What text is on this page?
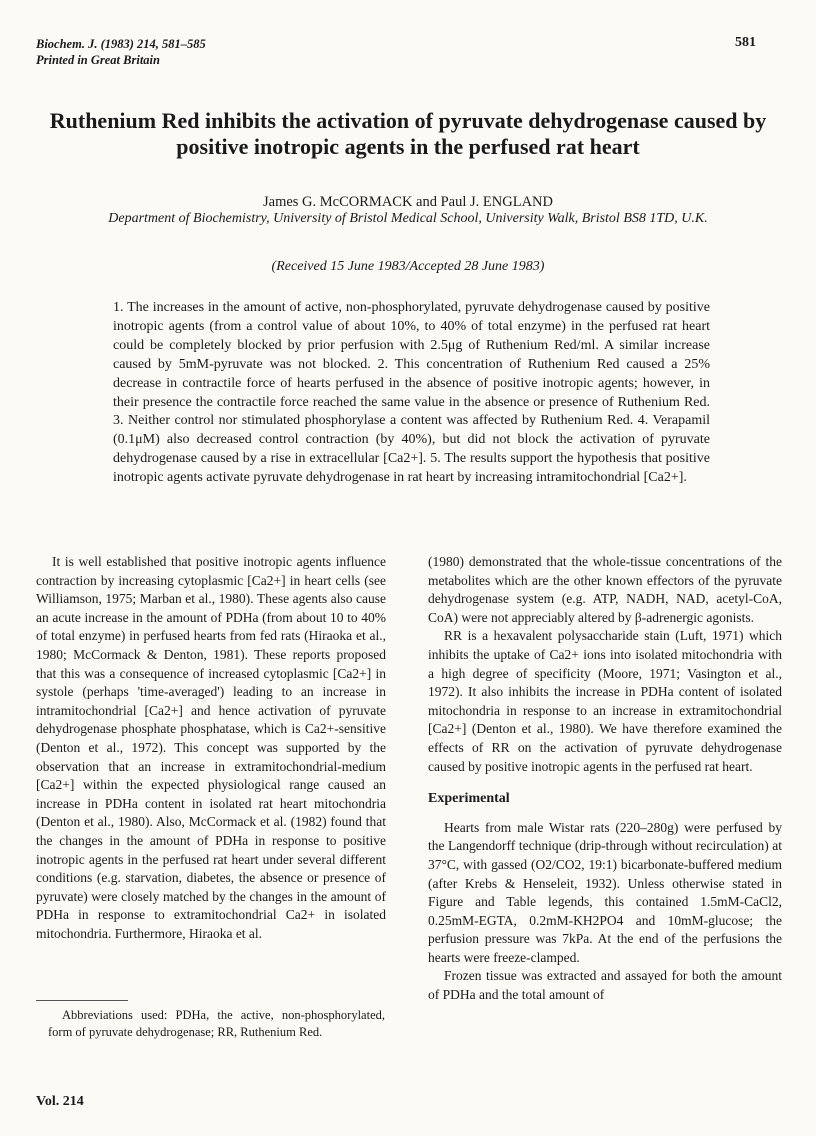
Biochem. J. (1983) 214, 581–585
Printed in Great Britain
581
Ruthenium Red inhibits the activation of pyruvate dehydrogenase caused by
positive inotropic agents in the perfused rat heart
James G. McCORMACK and Paul J. ENGLAND
Department of Biochemistry, University of Bristol Medical School, University Walk, Bristol BS8 1TD, U.K.
(Received 15 June 1983/Accepted 28 June 1983)
1. The increases in the amount of active, non-phosphorylated, pyruvate dehydrogenase caused by positive inotropic agents (from a control value of about 10%, to 40% of total enzyme) in the perfused rat heart could be completely blocked by prior perfusion with 2.5μg of Ruthenium Red/ml. A similar increase caused by 5mM-pyruvate was not blocked. 2. This concentration of Ruthenium Red caused a 25% decrease in contractile force of hearts perfused in the absence of positive inotropic agents; however, in their presence the contractile force reached the same value in the absence or presence of Ruthenium Red. 3. Neither control nor stimulated phosphorylase a content was affected by Ruthenium Red. 4. Verapamil (0.1μM) also decreased control contraction (by 40%), but did not block the activation of pyruvate dehydrogenase caused by a rise in extracellular [Ca2+]. 5. The results support the hypothesis that positive inotropic agents activate pyruvate dehydrogenase in rat heart by increasing intramitochondrial [Ca2+].

It is well established that positive inotropic agents influence contraction by increasing cytoplasmic [Ca2+] in heart cells (see Williamson, 1975; Marban et al., 1980). These agents also cause an acute increase in the amount of PDHa (from about 10 to 40% of total enzyme) in perfused hearts from fed rats (Hiraoka et al., 1980; McCormack & Denton, 1981). These reports proposed that this was a consequence of increased cytoplasmic [Ca2+] in systole (perhaps 'time-averaged') leading to an increase in intramitochondrial [Ca2+] and hence activation of pyruvate dehydrogenase phosphate phosphatase, which is Ca2+-sensitive (Denton et al., 1972). This concept was supported by the observation that an increase in extramitochondrial-medium [Ca2+] within the expected physiological range caused an increase in PDHa content in isolated rat heart mitochondria (Denton et al., 1980). Also, McCormack et al. (1982) found that the changes in the amount of PDHa in response to positive inotropic agents in the perfused rat heart under several different conditions (e.g. starvation, diabetes, the absence or presence of pyruvate) were closely matched by the changes in the amount of PDHa in response to extramitochondrial Ca2+ in isolated mitochondria. Furthermore, Hiraoka et al.

(1980) demonstrated that the whole-tissue concentrations of the metabolites which are the other known effectors of the pyruvate dehydrogenase system (e.g. ATP, NADH, NAD, acetyl-CoA, CoA) were not appreciably altered by β-adrenergic agonists.

RR is a hexavalent polysaccharide stain (Luft, 1971) which inhibits the uptake of Ca2+ ions into isolated mitochondria with a high degree of specificity (Moore, 1971; Vasington et al., 1972). It also inhibits the increase in PDHa content of isolated mitochondria in response to an increase in extramitochondrial [Ca2+] (Denton et al., 1980). We have therefore examined the effects of RR on the activation of pyruvate dehydrogenase caused by positive inotropic agents in the perfused rat heart.

Experimental

Hearts from male Wistar rats (220–280g) were perfused by the Langendorff technique (drip-through without recirculation) at 37°C, with gassed (O2/CO2, 19:1) bicarbonate-buffered medium (after Krebs & Henseleit, 1932). Unless otherwise stated in Figure and Table legends, this contained 1.5mM-CaCl2, 0.25mM-EGTA, 0.2mM-KH2PO4 and 10mM-glucose; the perfusion pressure was 7kPa. At the end of the perfusions the hearts were freeze-clamped.

Frozen tissue was extracted and assayed for both the amount of PDHa and the total amount of

Abbreviations used: PDHa, the active, non-phosphorylated, form of pyruvate dehydrogenase; RR, Ruthenium Red.
Vol. 214
